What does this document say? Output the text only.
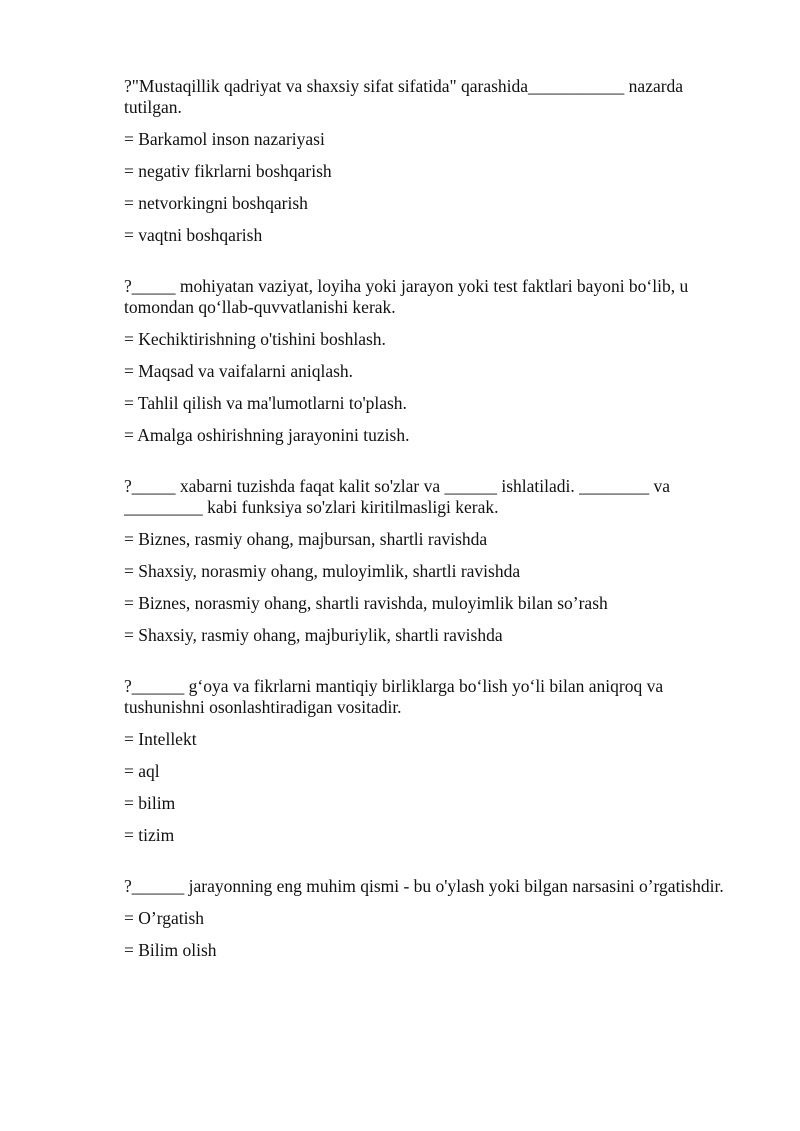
?"Mustaqillik qadriyat va shaxsiy sifat sifatida" qarashida___________ nazarda tutilgan.
= Barkamol inson nazariyasi
= negativ fikrlarni boshqarish
= netvorkingni boshqarish
= vaqtni boshqarish
?_____ mohiyatan vaziyat, loyiha yoki jarayon yoki test faktlari bayoni bo‘lib, u tomondan qo‘llab-quvvatlanishi kerak.
= Kechiktirishning o'tishini boshlash.
= Maqsad va vaifalarni aniqlash.
= Tahlil qilish va ma'lumotlarni to'plash.
= Amalga oshirishning jarayonini tuzish.
?_____ xabarni tuzishda faqat kalit so'zlar va ______ ishlatiladi. ________ va _________ kabi funksiya so'zlari kiritilmasligi kerak.
= Biznes, rasmiy ohang, majbursan, shartli ravishda
= Shaxsiy, norasmiy ohang, muloyimlik, shartli ravishda
= Biznes, norasmiy ohang, shartli ravishda, muloyimlik bilan so’rash
= Shaxsiy, rasmiy ohang, majburiylik, shartli ravishda
?______ g‘oya va fikrlarni mantiqiy birliklarga bo‘lish yo‘li bilan aniqroq va tushunishni osonlashtiradigan vositadir.
= Intellekt
= aql
= bilim
= tizim
?______ jarayonning eng muhim qismi - bu o'ylash yoki bilgan narsasini o’rgatishdir.
= O’rgatish
= Bilim olish
